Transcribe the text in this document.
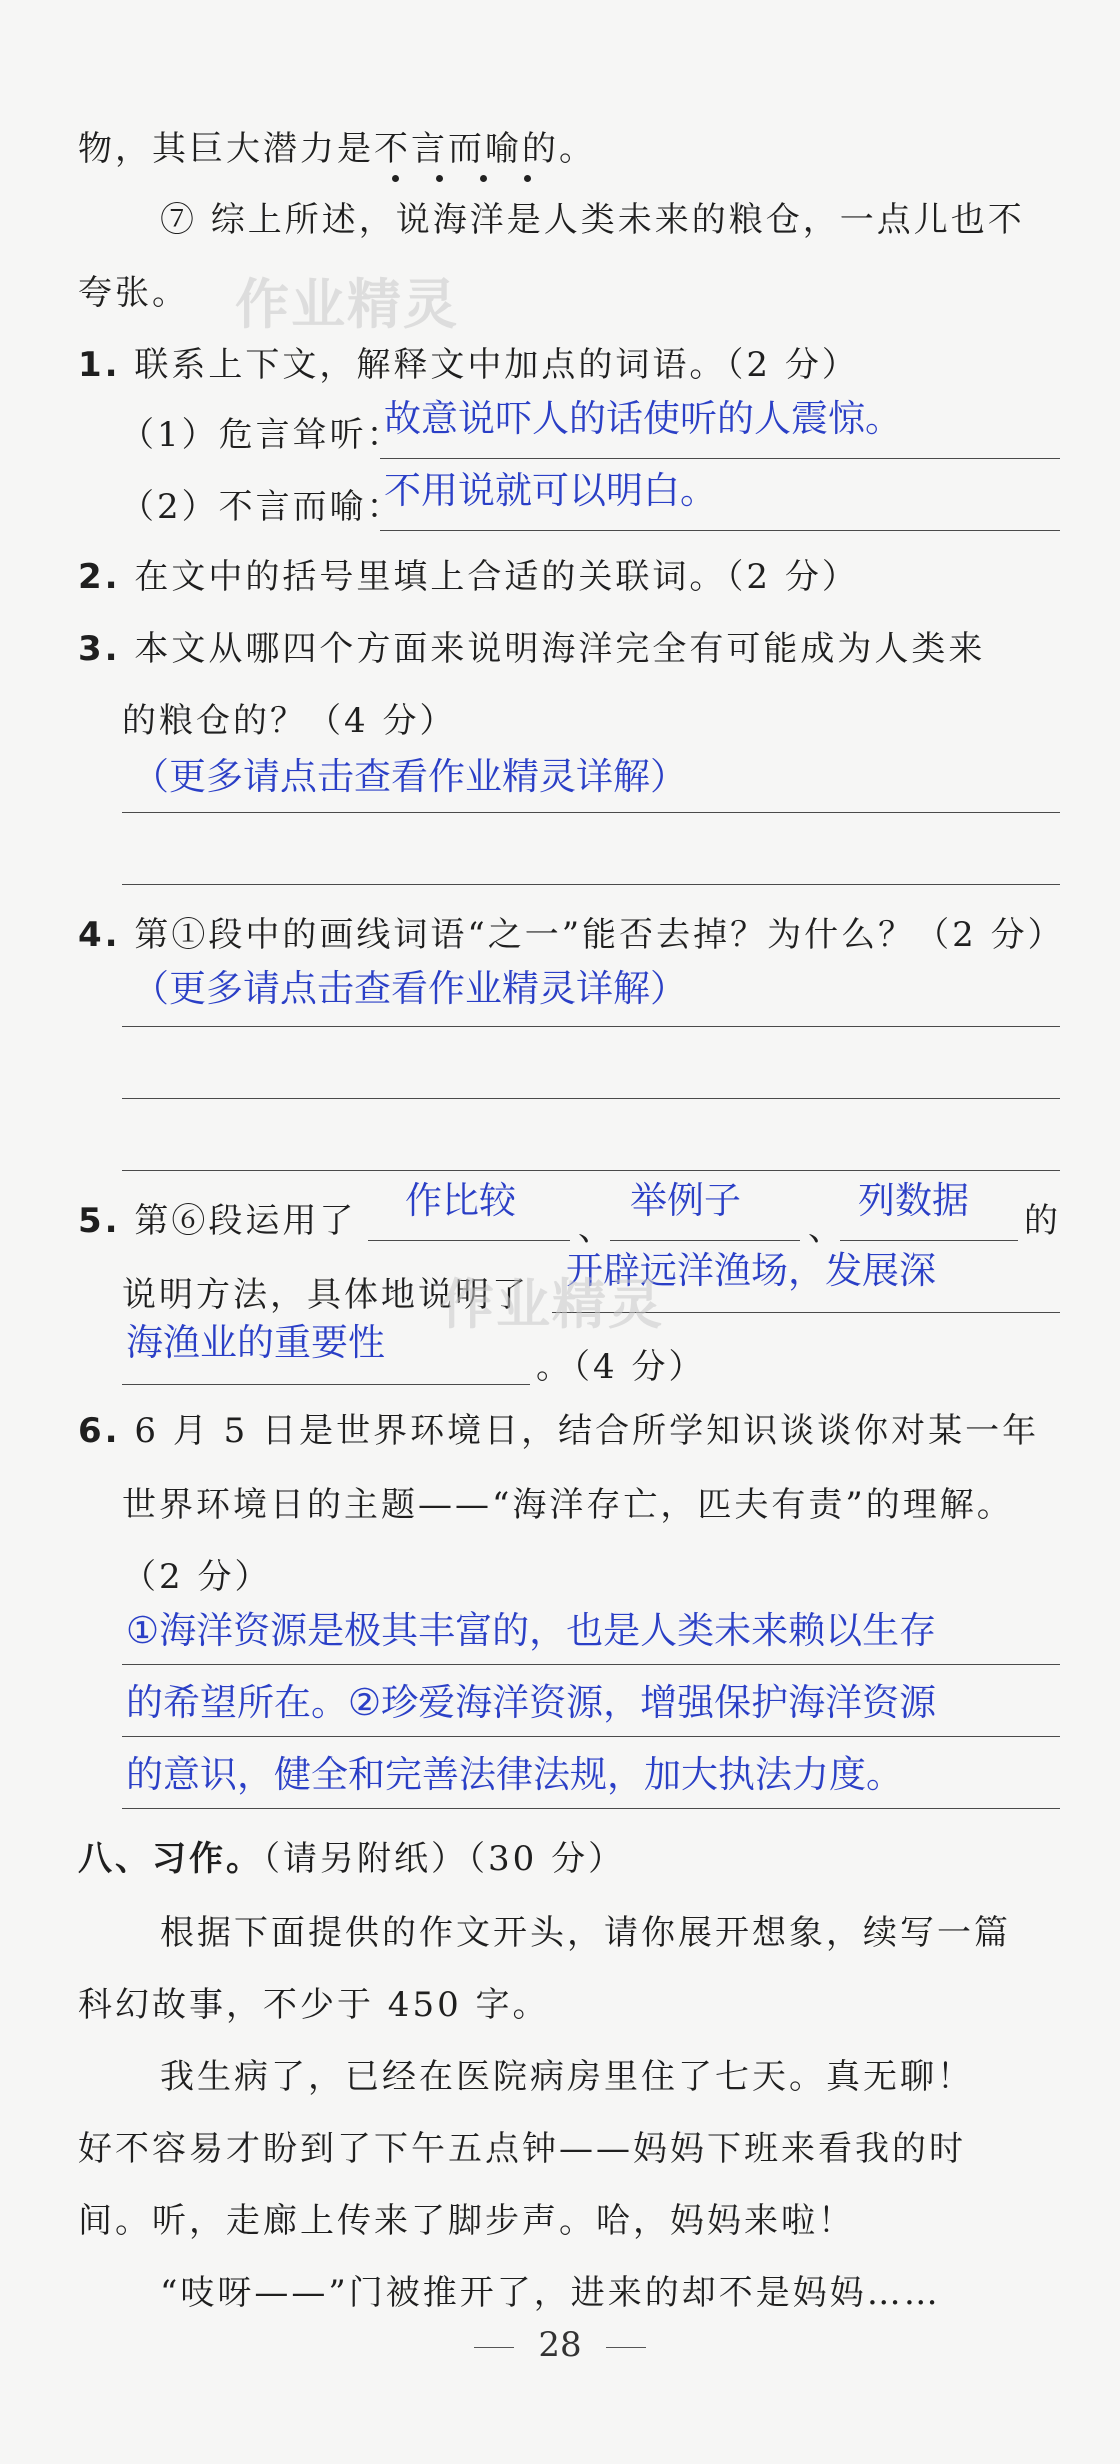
物，其巨大潜力是不言而喻的。
⑦ 综上所述，说海洋是人类未来的粮仓，一点儿也不
夸张。 作业精灵
1. 联系上下文，解释文中加点的词语。（2 分）
（1）危言耸听：
故意说吓人的话使听的人震惊。
（2）不言而喻：
不用说就可以明白。
2. 在文中的括号里填上合适的关联词。（2 分）
3. 本文从哪四个方面来说明海洋完全有可能成为人类来
的粮仓的？（4 分）
（更多请点击查看作业精灵详解）
4. 第①段中的画线词语“之一”能否去掉？为什么？（2 分）
（更多请点击查看作业精灵详解）
5. 第⑥段运用了 作比较
、
举例子
、
列数据 的
说明方法，具体地说明了
开辟远洋渔场，发展深
海渔业的重要性
。（4 分）
作业精灵
6. 6 月 5 日是世界环境日，结合所学知识谈谈你对某一年
世界环境日的主题——“海洋存亡，匹夫有责”的理解。
（2 分）
①海洋资源是极其丰富的，也是人类未来赖以生存
的希望所在。②珍爱海洋资源，增强保护海洋资源
的意识，健全和完善法律法规，加大执法力度。
八、习作。（请另附纸）（30 分）
根据下面提供的作文开头，请你展开想象，续写一篇
科幻故事，不少于 450 字。
我生病了，已经在医院病房里住了七天。真无聊！
好不容易才盼到了下午五点钟——妈妈下班来看我的时
间。听，走廊上传来了脚步声。哈，妈妈来啦！
“吱呀——”门被推开了，进来的却不是妈妈……
28
